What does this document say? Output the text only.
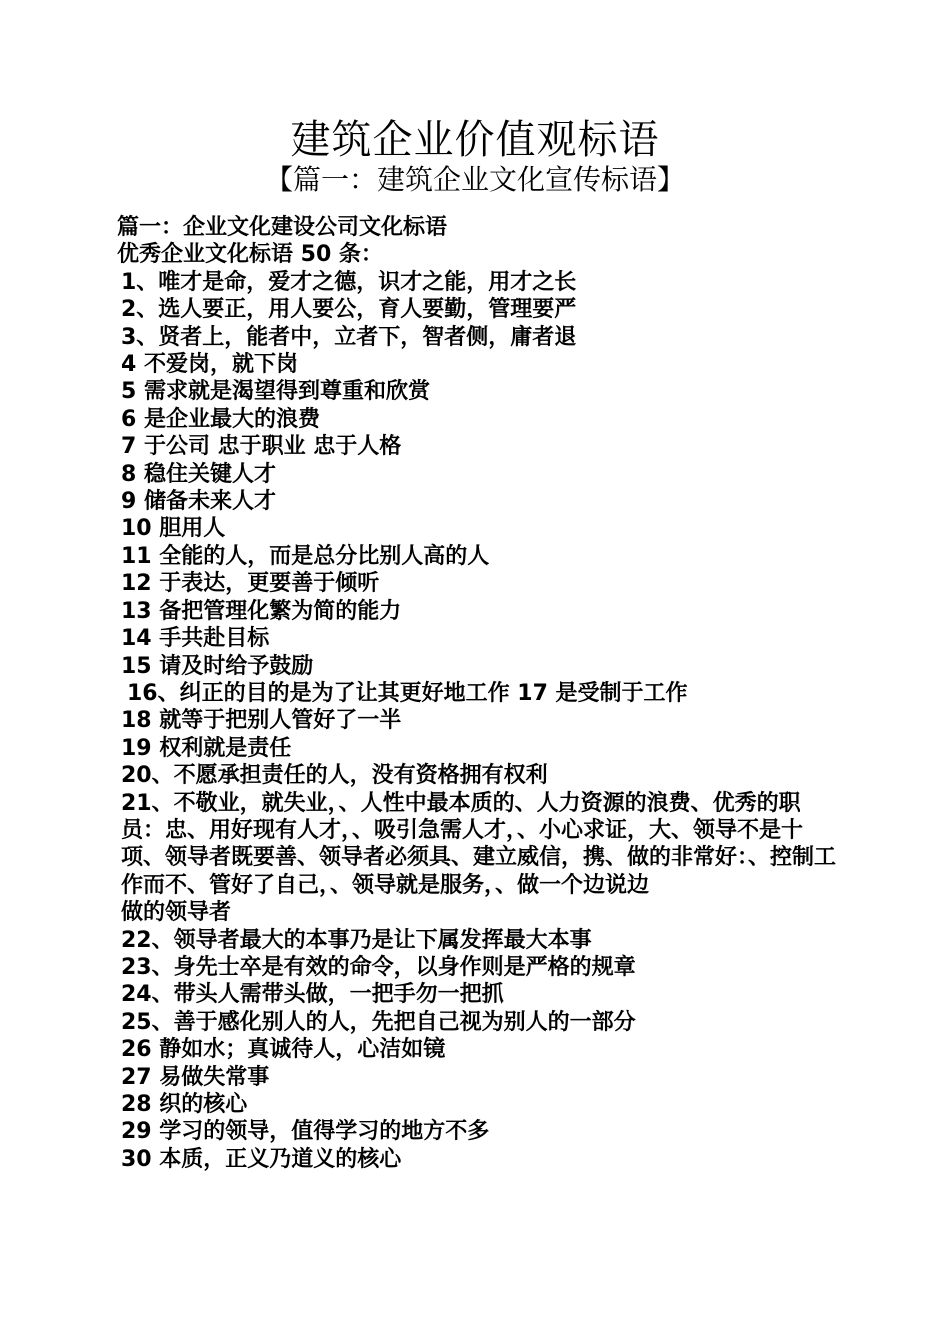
建筑企业价值观标语
【篇一：建筑企业文化宣传标语】
篇一：企业文化建设公司文化标语
优秀企业文化标语 50 条：
1、唯才是命，爱才之德，识才之能，用才之长
2、选人要正，用人要公，育人要勤，管理要严
3、贤者上，能者中，立者下，智者侧，庸者退
4 不爱岗，就下岗
5 需求就是渴望得到尊重和欣赏
6 是企业最大的浪费
7 于公司 忠于职业 忠于人格
8 稳住关键人才
9 储备未来人才
10 胆用人
11 全能的人，而是总分比别人高的人
12 于表达，更要善于倾听
13 备把管理化繁为简的能力
14 手共赴目标
15 请及时给予鼓励
16、纠正的目的是为了让其更好地工作 17 是受制于工作
18 就等于把别人管好了一半
19 权利就是责任
20、不愿承担责任的人，没有资格拥有权利
21、不敬业，就失业，、人性中最本质的、人力资源的浪费、优秀的职员：忠、用好现有人才，、吸引急需人才，、小心求证，大、领导不是十项、领导者既要善、领导者必须具、建立威信，携、做的非常好：、控制工作而不、管好了自己，、领导就是服务，、做一个边说边
做的领导者
22、领导者最大的本事乃是让下属发挥最大本事
23、身先士卒是有效的命令，以身作则是严格的规章
24、带头人需带头做，一把手勿一把抓
25、善于感化别人的人，先把自己视为别人的一部分
26 静如水；真诚待人，心洁如镜
27 易做失常事
28 织的核心
29 学习的领导，值得学习的地方不多
30 本质，正义乃道义的核心
